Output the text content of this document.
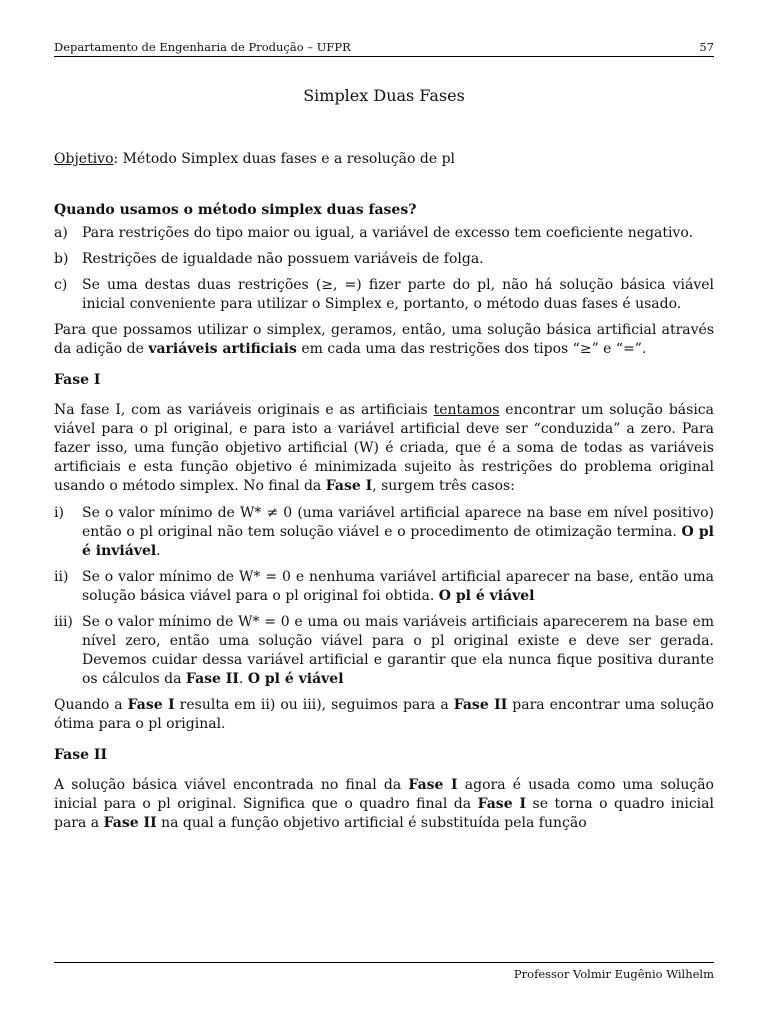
Departamento de Engenharia de Produção – UFPR	57
Simplex Duas Fases

Objetivo: Método Simplex duas fases e a resolução de pl

Quando usamos o método simplex duas fases?

a)	Para restrições do tipo maior ou igual, a variável de excesso tem coeficiente negativo.
b) Restrições de igualdade não possuem variáveis de folga.
c)	Se uma destas duas restrições (≥, =) fizer parte do pl, não há solução básica viável inicial conveniente para utilizar o Simplex e, portanto, o método duas fases é usado.

Para que possamos utilizar o simplex, geramos, então, uma solução básica artificial através da adição de variáveis artificiais em cada uma das restrições dos tipos “≥” e “=”.

Fase I

Na fase I, com as variáveis originais e as artificiais tentamos encontrar um solução básica viável para o pl original, e para isto a variável artificial deve ser “conduzida” a zero. Para fazer isso, uma função objetivo artificial (W) é criada, que é a soma de todas as variáveis artificiais e esta função objetivo é minimizada sujeito às restrições do problema original usando o método simplex. No final da Fase I, surgem três casos:

i)	Se o valor mínimo de W* ≠ 0 (uma variável artificial aparece na base em nível positivo) então o pl original não tem solução viável e o procedimento de otimização termina. O pl é inviável.
ii) Se o valor mínimo de W* = 0 e nenhuma variável artificial aparecer na base, então uma solução básica viável para o pl original foi obtida. O pl é viável
iii) Se o valor mínimo de W* = 0 e uma ou mais variáveis artificiais aparecerem na base em nível zero, então uma solução viável para o pl original existe e deve ser gerada. Devemos cuidar dessa variável artificial e garantir que ela nunca fique positiva durante os cálculos da Fase II. O pl é viável

Quando a Fase I resulta em ii) ou iii), seguimos para a Fase II para encontrar uma solução ótima para o pl original.

Fase II

A solução básica viável encontrada no final da Fase I agora é usada como uma solução inicial para o pl original. Significa que o quadro final da Fase I se torna o quadro inicial para a Fase II na qual a função objetivo artificial é substituída pela função

Professor Volmir Eugênio Wilhelm
